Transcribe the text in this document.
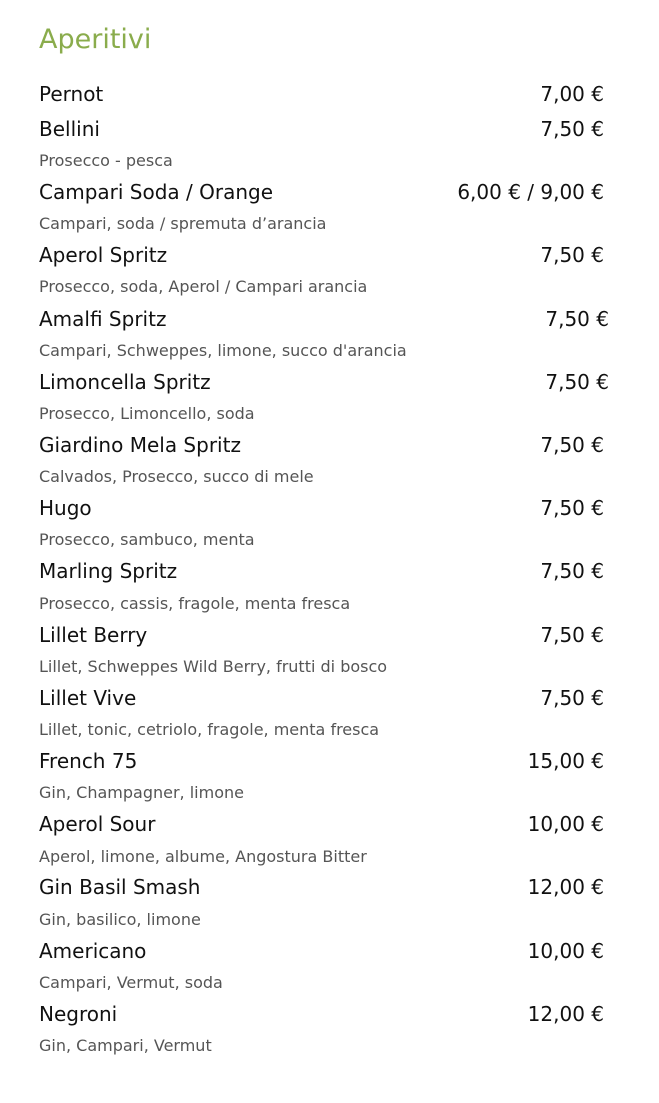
Aperitivi
Pernot	7,00 €
Bellini	7,50 €
Prosecco - pesca
Campari Soda / Orange	6,00 € / 9,00 €
Campari, soda / spremuta d’arancia
Aperol Spritz	7,50 €
Prosecco, soda, Aperol / Campari arancia
Amalfi Spritz	7,50 €
Campari, Schweppes, limone, succo d'arancia
Limoncella Spritz	7,50 €
Prosecco, Limoncello, soda
Giardino Mela Spritz	7,50 €
Calvados, Prosecco, succo di mele
Hugo	7,50 €
Prosecco, sambuco, menta
Marling Spritz	7,50 €
Prosecco, cassis, fragole, menta fresca
Lillet Berry	7,50 €
Lillet, Schweppes Wild Berry, frutti di bosco
Lillet Vive	7,50 €
Lillet, tonic, cetriolo, fragole, menta fresca
French 75	15,00 €
Gin, Champagner, limone
Aperol Sour	10,00 €
Aperol, limone, albume, Angostura Bitter
Gin Basil Smash	12,00 €
Gin, basilico, limone
Americano	10,00 €
Campari, Vermut, soda
Negroni	12,00 €
Gin, Campari, Vermut
